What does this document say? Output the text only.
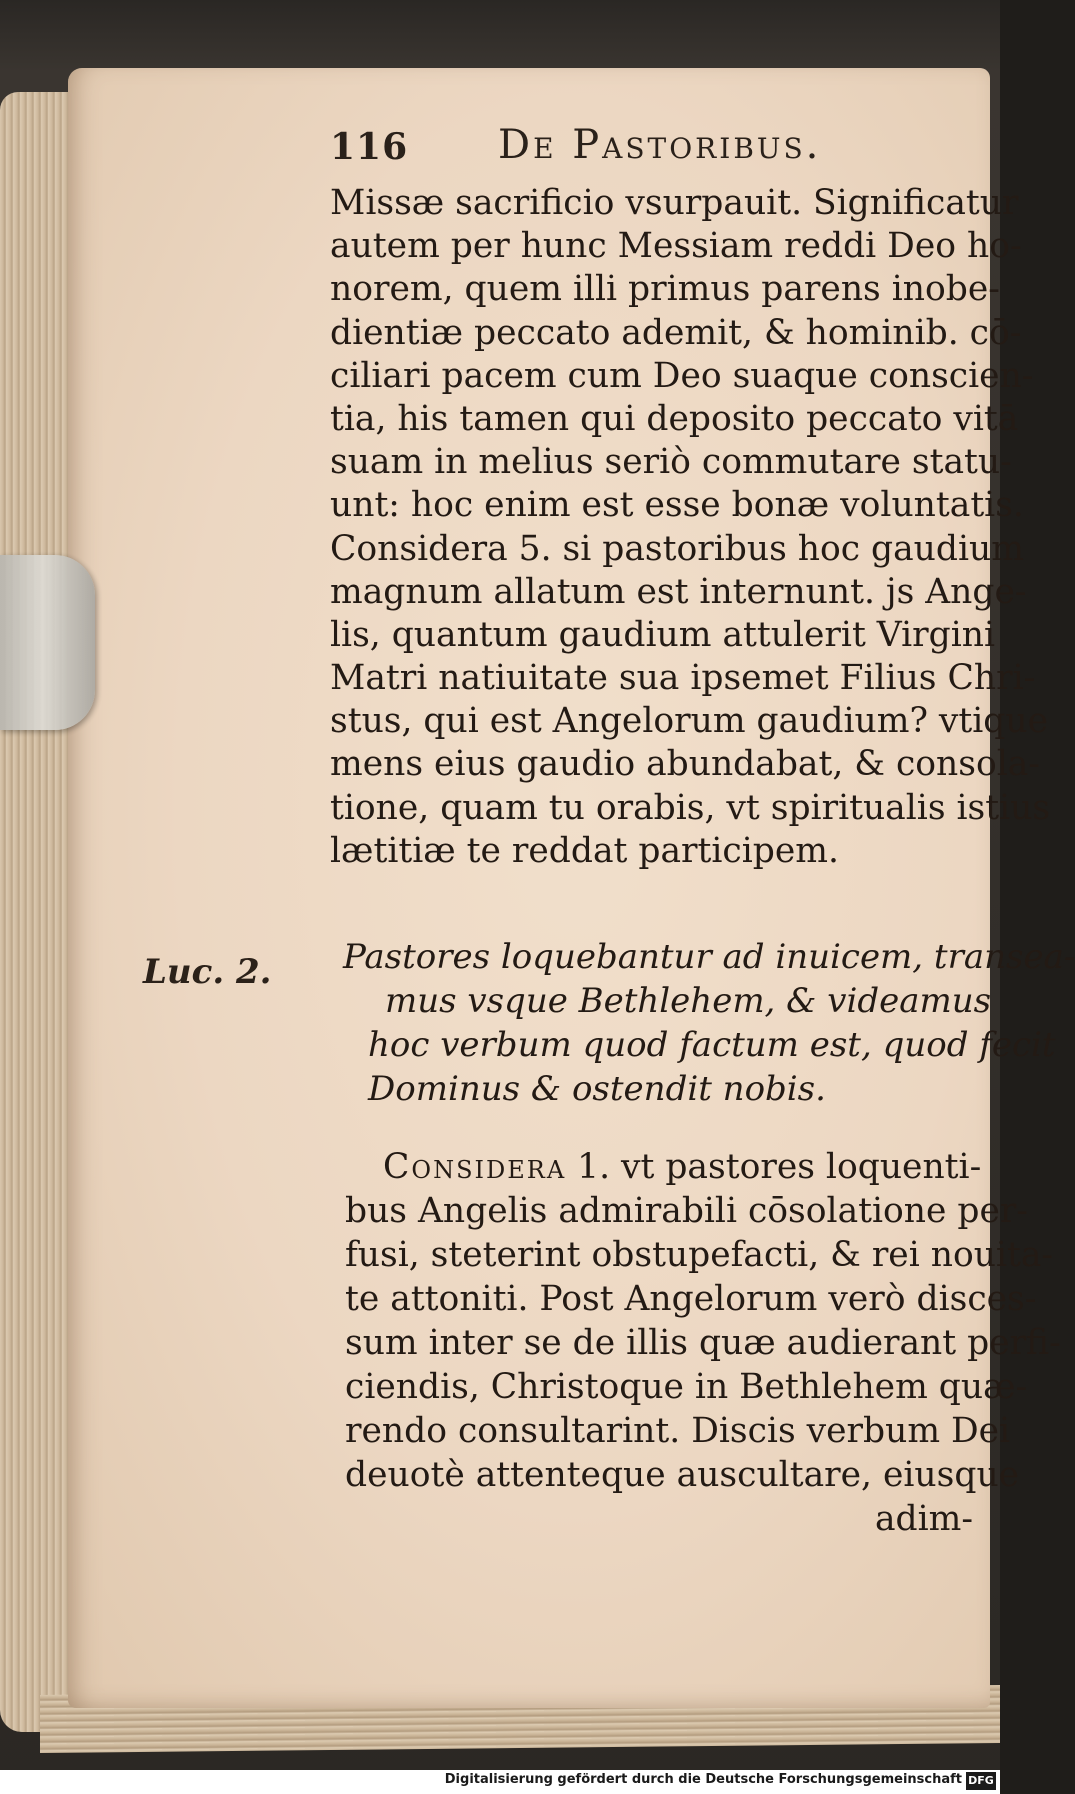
116 De Pastoribus.
Missæ sacrificio vsurpauit. Significatur
autem per hunc Messiam reddi Deo ho-
norem, quem illi primus parens inobe-
dientiæ peccato ademit, & hominib. cō-
ciliari pacem cum Deo suaque conscien-
tia, his tamen qui deposito peccato vitā
suam in melius seriò commutare statu-
unt: hoc enim est esse bonæ voluntatis.
Considera 5. si pastoribus hoc gaudium
magnum allatum est internunt. js Ange-
lis, quantum gaudium attulerit Virgini
Matri natiuitate sua ipsemet Filius Chri-
stus, qui est Angelorum gaudium? vtique
mens eius gaudio abundabat, & consola-
tione, quam tu orabis, vt spiritualis istius
lætitiæ te reddat participem.
Luc. 2. Pastores loquebantur ad inuicem, transea-
mus vsque Bethlehem, & videamus
hoc verbum quod factum est, quod fecit
Dominus & ostendit nobis.
Considera 1. vt pastores loquenti-
bus Angelis admirabili cōsolatione per-
fusi, steterint obstupefacti, & rei nouita-
te attoniti. Post Angelorum verò disces-
sum inter se de illis quæ audierant perfi-
ciendis, Christoque in Bethlehem quæ-
rendo consultarint. Discis verbum Dei
deuotè attenteque auscultare, eiusque
adim-
Digitalisierung gefördert durch die Deutsche Forschungsgemeinschaft DFG
